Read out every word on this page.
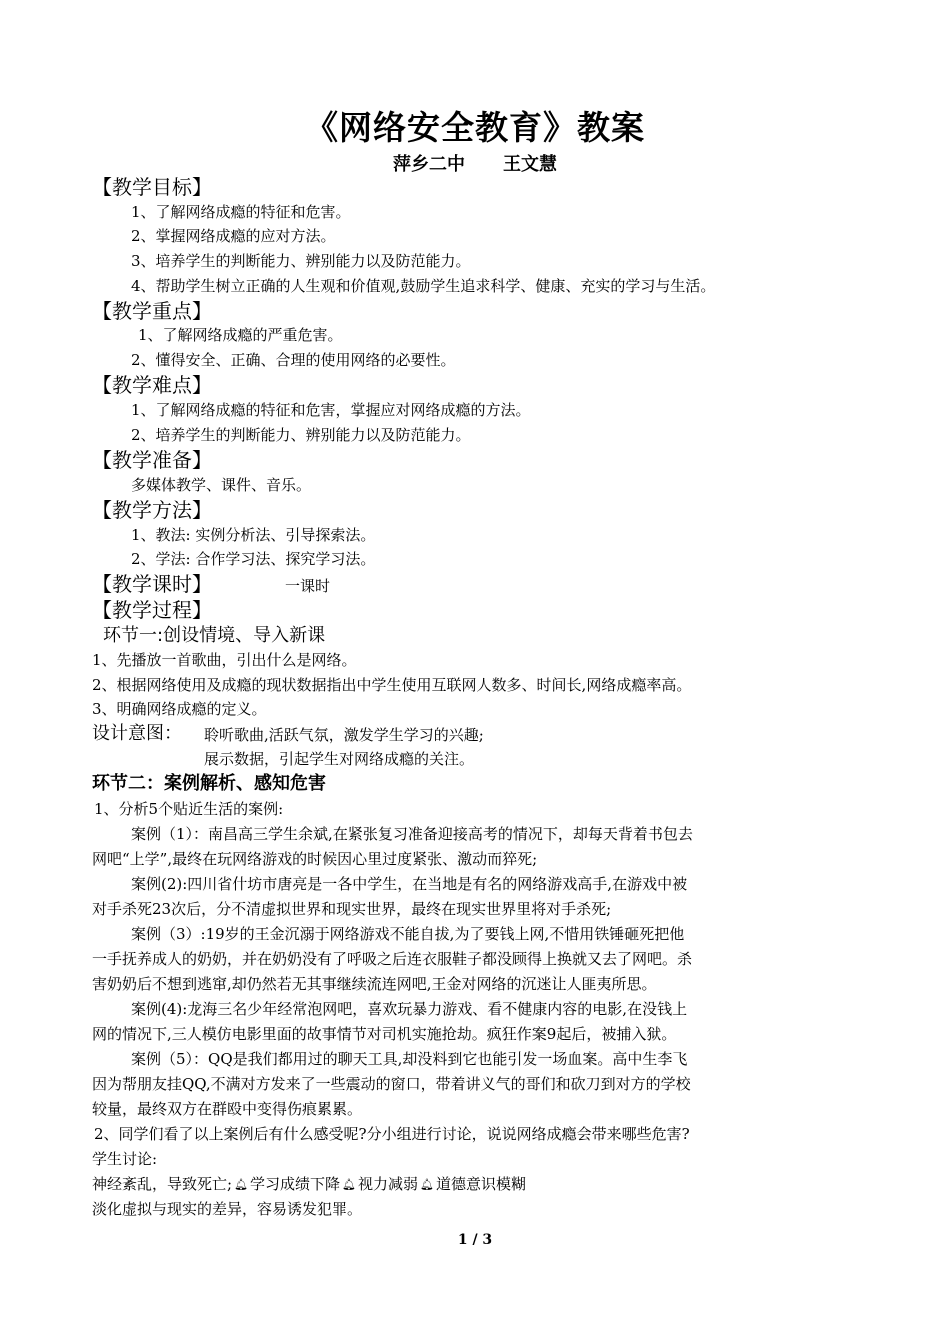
《网络安全教育》教案
萍乡二中 王文慧
【教学目标】
1、了解网络成瘾的特征和危害。
2、掌握网络成瘾的应对方法。
3、培养学生的判断能力、辨别能力以及防范能力。
4、帮助学生树立正确的人生观和价值观,鼓励学生追求科学、健康、充实的学习与生活。
【教学重点】
1、了解网络成瘾的严重危害。
2、懂得安全、正确、合理的使用网络的必要性。
【教学难点】
1、了解网络成瘾的特征和危害，掌握应对网络成瘾的方法。
2、培养学生的判断能力、辨别能力以及防范能力。
【教学准备】
多媒体教学、课件、音乐。
【教学方法】
1、教法: 实例分析法、引导探索法。
2、学法: 合作学习法、探究学习法。
【教学课时】	一课时
【教学过程】
环节一:创设情境、导入新课
1、先播放一首歌曲，引出什么是网络。
2、根据网络使用及成瘾的现状数据指出中学生使用互联网人数多、时间长,网络成瘾率高。
3、明确网络成瘾的定义。
设计意图： 聆听歌曲,活跃气氛，激发学生学习的兴趣;
展示数据，引起学生对网络成瘾的关注。
环节二：案例解析、感知危害
1、分析5个贴近生活的案例:
案例（1）：南昌高三学生余斌,在紧张复习准备迎接高考的情况下，却每天背着书包去
网吧“上学”,最终在玩网络游戏的时候因心里过度紧张、激动而猝死;
案例(2):四川省什坊市唐亮是一各中学生，在当地是有名的网络游戏高手,在游戏中被
对手杀死23次后，分不清虚拟世界和现实世界，最终在现实世界里将对手杀死;
案例（3）:19岁的王金沉溺于网络游戏不能自拔,为了要钱上网,不惜用铁锤砸死把他
一手抚养成人的奶奶，并在奶奶没有了呼吸之后连衣服鞋子都没顾得上换就又去了网吧。杀
害奶奶后不想到逃窜,却仍然若无其事继续流连网吧,王金对网络的沉迷让人匪夷所思。
案例(4):龙海三名少年经常泡网吧，喜欢玩暴力游戏、看不健康内容的电影,在没钱上
网的情况下,三人模仿电影里面的故事情节对司机实施抢劫。疯狂作案9起后，被捕入狱。
案例（5）：QQ是我们都用过的聊天工具,却没料到它也能引发一场血案。高中生李飞
因为帮朋友挂QQ,不满对方发来了一些震动的窗口，带着讲义气的哥们和砍刀到对方的学校
较量，最终双方在群殴中变得伤痕累累。
2、同学们看了以上案例后有什么感受呢?分小组进行讨论，说说网络成瘾会带来哪些危害?
学生讨论:
神经紊乱，导致死亡; 🔔︎ 学习成绩下降 🔔︎ 视力减弱 🔔︎ 道德意识模糊
淡化虚拟与现实的差异，容易诱发犯罪。
1 / 3
